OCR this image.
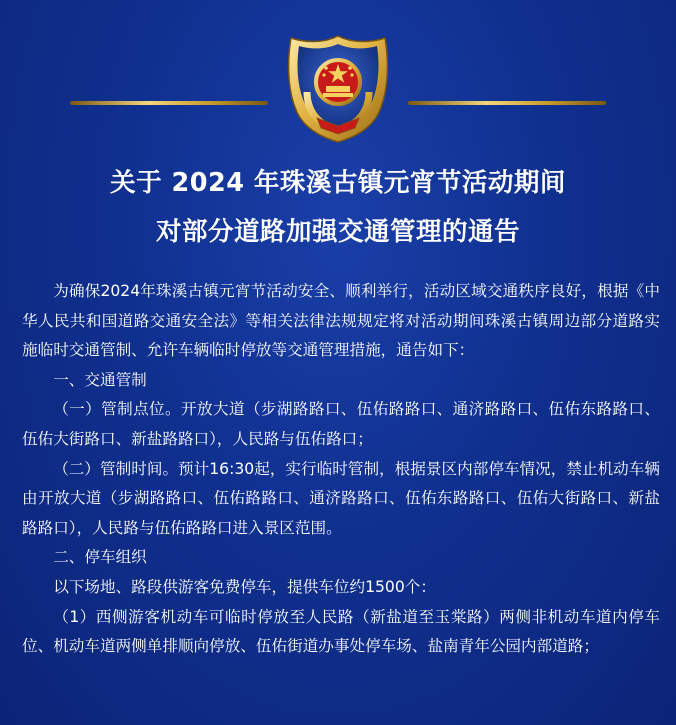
关于 2024 年珠溪古镇元宵节活动期间
对部分道路加强交通管理的通告

为确保2024年珠溪古镇元宵节活动安全、顺利举行，活动区域交通秩序良好，根据《中华人民共和国道路交通安全法》等相关法律法规规定将对活动期间珠溪古镇周边部分道路实施临时交通管制、允许车辆临时停放等交通管理措施，通告如下：

一、交通管制

（一）管制点位。开放大道（步湖路路口、伍佑路路口、通济路路口、伍佑东路路口、伍佑大街路口、新盐路路口），人民路与伍佑路口；

（二）管制时间。预计16:30起，实行临时管制，根据景区内部停车情况，禁止机动车辆由开放大道（步湖路路口、伍佑路路口、通济路路口、伍佑东路路口、伍佑大街路口、新盐路路口），人民路与伍佑路路口进入景区范围。

二、停车组织

以下场地、路段供游客免费停车，提供车位约1500个：

（1）西侧游客机动车可临时停放至人民路（新盐道至玉棠路）两侧非机动车道内停车位、机动车道两侧单排顺向停放、伍佑街道办事处停车场、盐南青年公园内部道路；
